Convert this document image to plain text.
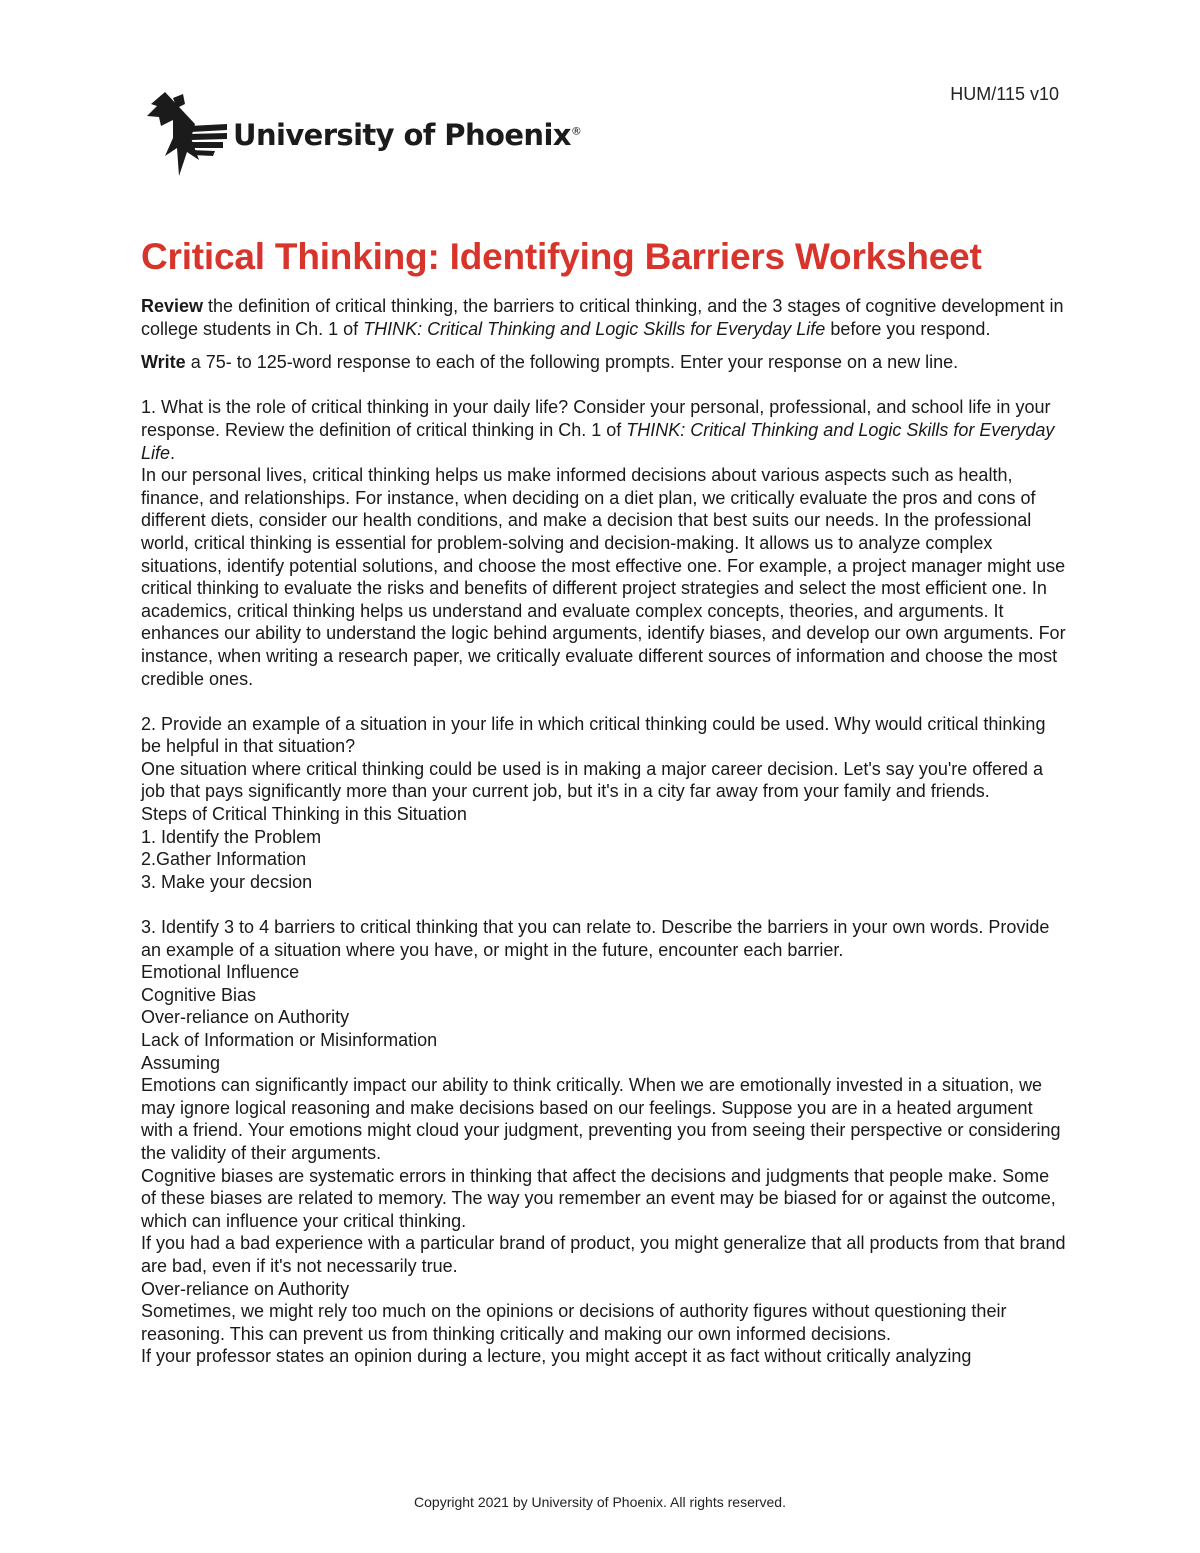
HUM/115 v10
University of Phoenix®
Critical Thinking: Identifying Barriers Worksheet

Review the definition of critical thinking, the barriers to critical thinking, and the 3 stages of cognitive development in college students in Ch. 1 of THINK: Critical Thinking and Logic Skills for Everyday Life before you respond.

Write a 75- to 125-word response to each of the following prompts. Enter your response on a new line.

1. What is the role of critical thinking in your daily life? Consider your personal, professional, and school life in your response. Review the definition of critical thinking in Ch. 1 of THINK: Critical Thinking and Logic Skills for Everyday Life.

In our personal lives, critical thinking helps us make informed decisions about various aspects such as health, finance, and relationships. For instance, when deciding on a diet plan, we critically evaluate the pros and cons of different diets, consider our health conditions, and make a decision that best suits our needs. In the professional world, critical thinking is essential for problem-solving and decision-making. It allows us to analyze complex situations, identify potential solutions, and choose the most effective one. For example, a project manager might use critical thinking to evaluate the risks and benefits of different project strategies and select the most efficient one. In academics, critical thinking helps us understand and evaluate complex concepts, theories, and arguments. It enhances our ability to understand the logic behind arguments, identify biases, and develop our own arguments. For instance, when writing a research paper, we critically evaluate different sources of information and choose the most credible ones.

2. Provide an example of a situation in your life in which critical thinking could be used. Why would critical thinking be helpful in that situation?

One situation where critical thinking could be used is in making a major career decision. Let's say you're offered a job that pays significantly more than your current job, but it's in a city far away from your family and friends.Steps of Critical Thinking in this Situation

1. Identify the Problem

2.Gather Information

3. Make your decsion

3. Identify 3 to 4 barriers to critical thinking that you can relate to. Describe the barriers in your own words. Provide an example of a situation where you have, or might in the future, encounter each barrier.

Emotional Influence

Cognitive Bias

Over-reliance on Authority

Lack of Information or Misinformation

Assuming

Emotions can significantly impact our ability to think critically. When we are emotionally invested in a situation, we may ignore logical reasoning and make decisions based on our feelings. Suppose you are in a heated argument with a friend. Your emotions might cloud your judgment, preventing you from seeing their perspective or considering the validity of their arguments.

Cognitive biases are systematic errors in thinking that affect the decisions and judgments that people make. Some of these biases are related to memory. The way you remember an event may be biased for or against the outcome, which can influence your critical thinking.

If you had a bad experience with a particular brand of product, you might generalize that all products from that brand are bad, even if it's not necessarily true.

Over-reliance on Authority

Sometimes, we might rely too much on the opinions or decisions of authority figures without questioning their reasoning. This can prevent us from thinking critically and making our own informed decisions.

If your professor states an opinion during a lecture, you might accept it as fact without critically analyzing

Copyright 2021 by University of Phoenix. All rights reserved.
